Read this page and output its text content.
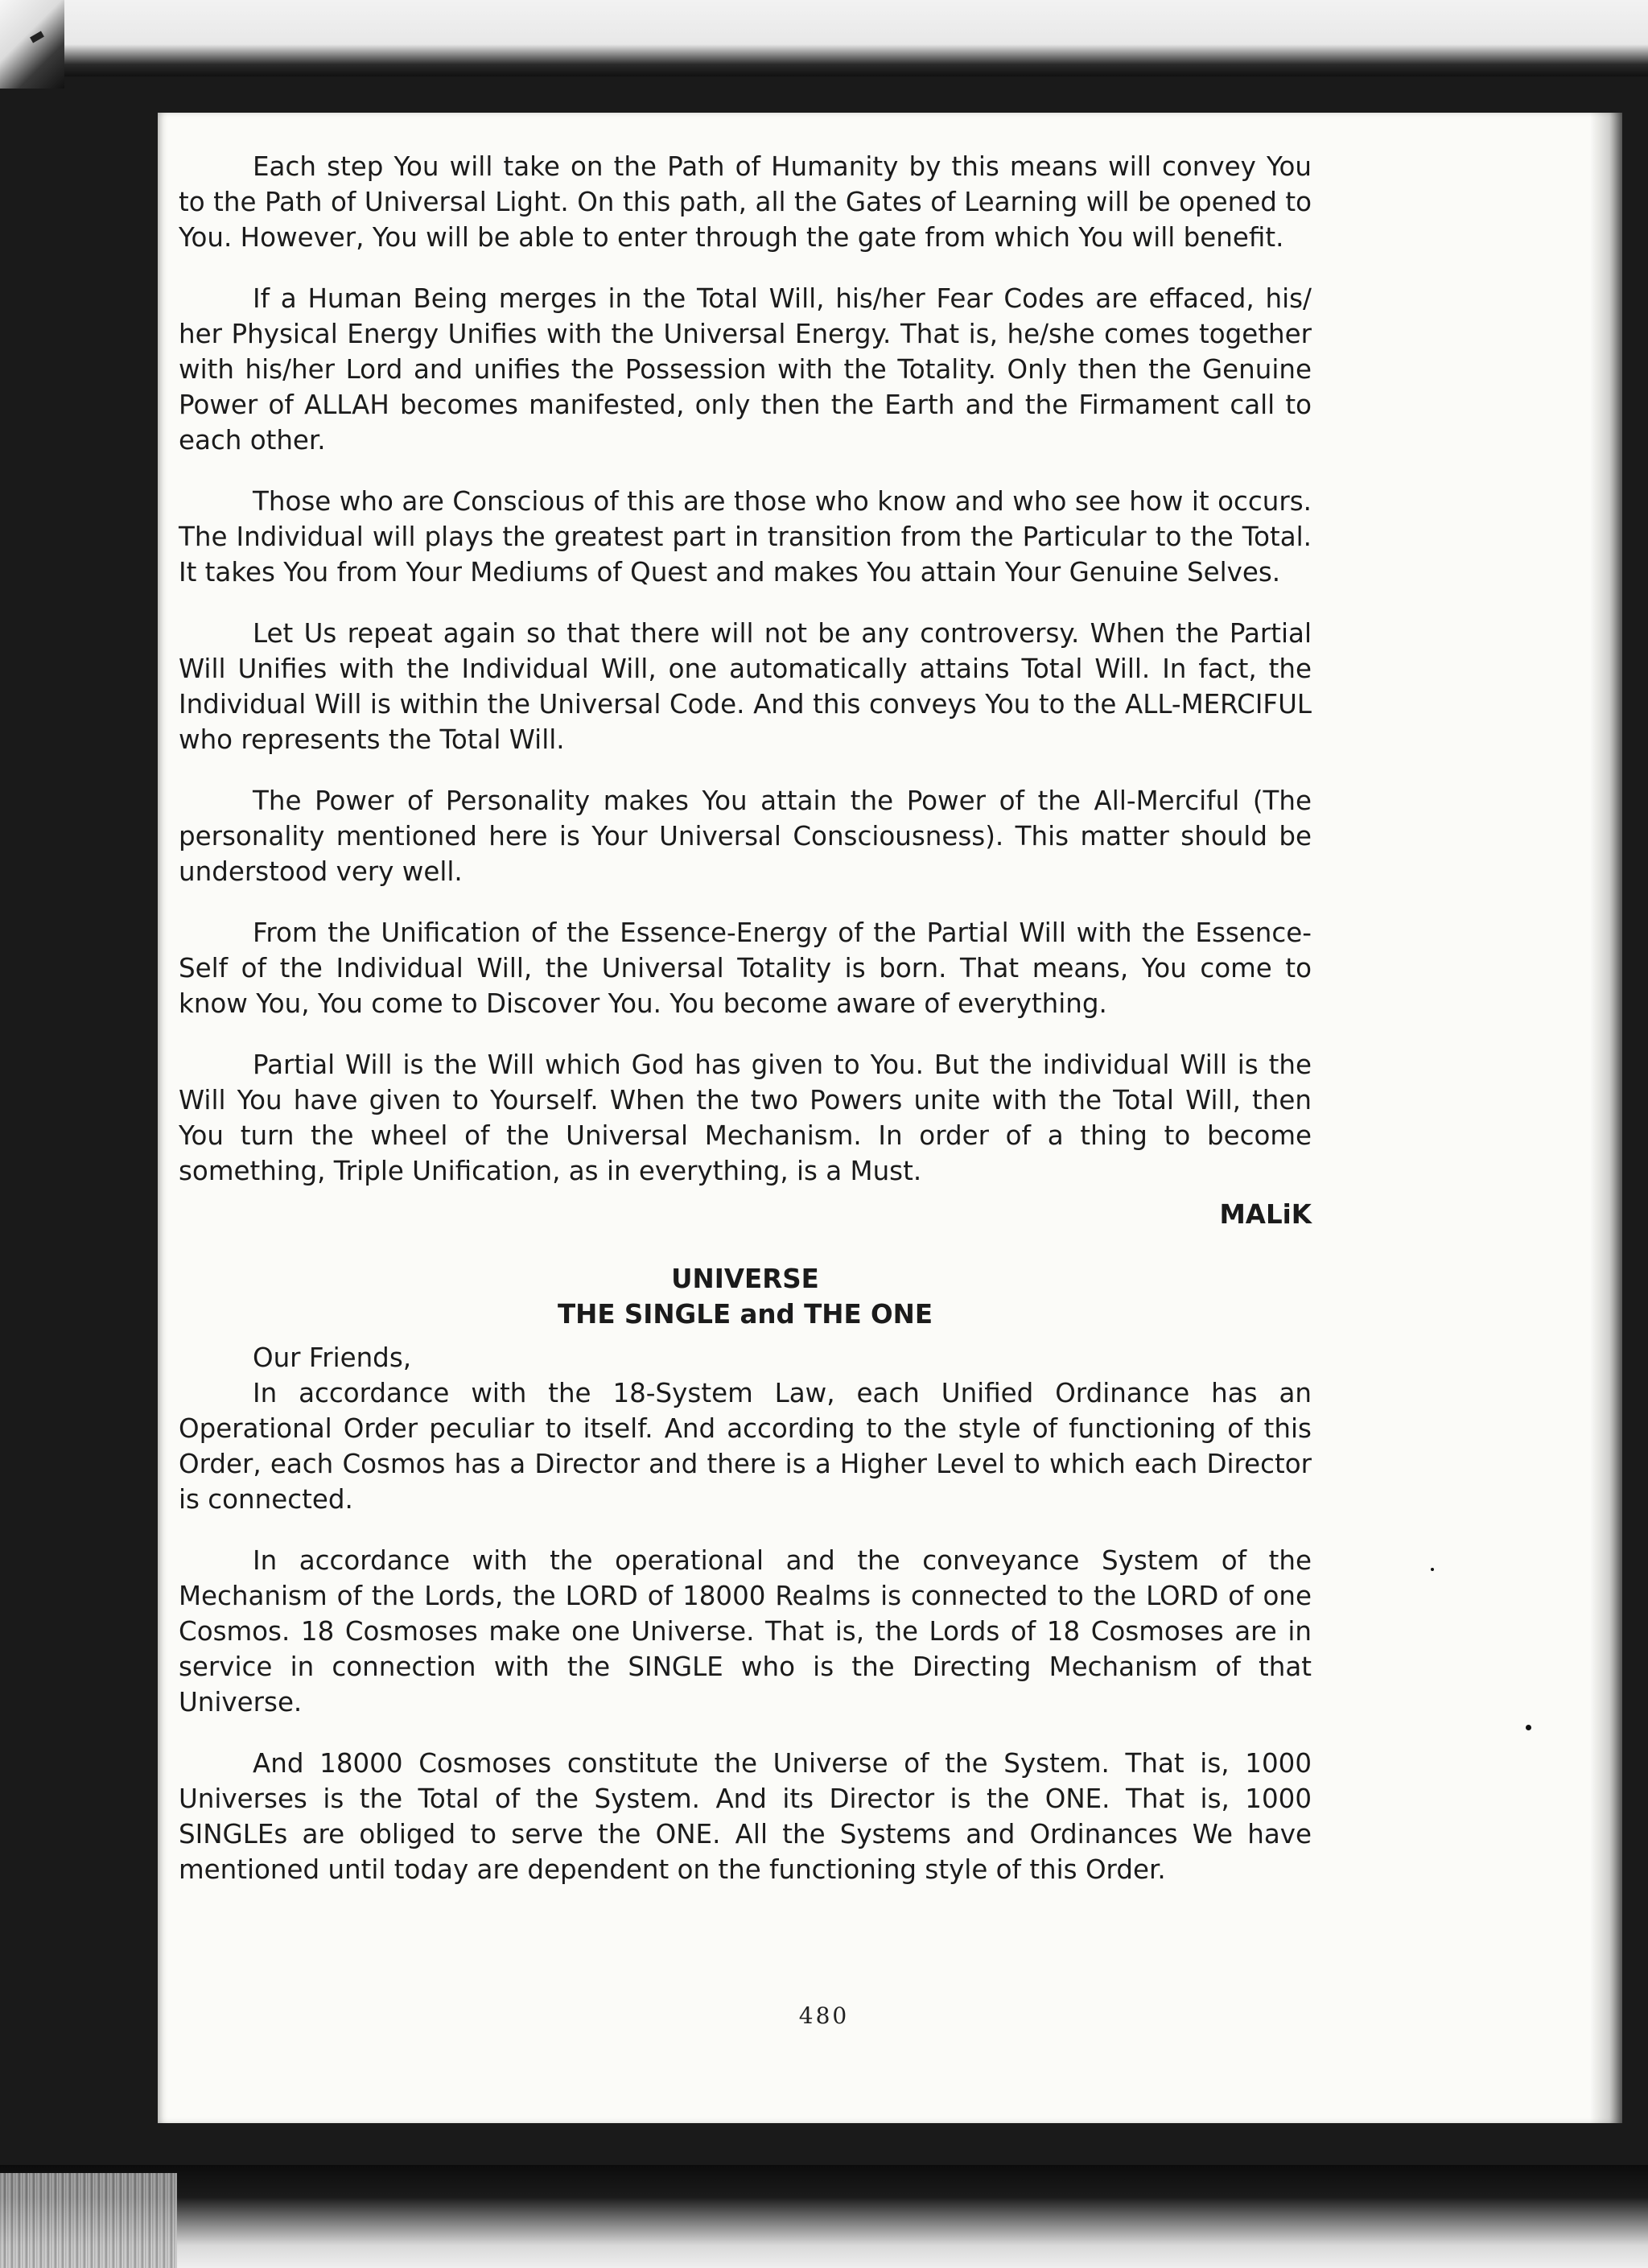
Each step You will take on the Path of Humanity by this means will convey You to the Path of Universal Light. On this path, all the Gates of Learning will be opened to You. However, You will be able to enter through the gate from which You will benefit.

If a Human Being merges in the Total Will, his/her Fear Codes are effaced, his/ her Physical Energy Unifies with the Universal Energy. That is, he/she comes together with his/her Lord and unifies the Possession with the Totality. Only then the Genuine Power of ALLAH becomes manifested, only then the Earth and the Firmament call to each other.

Those who are Conscious of this are those who know and who see how it occurs. The Individual will plays the greatest part in transition from the Particular to the Total. It takes You from Your Mediums of Quest and makes You attain Your Genuine Selves.

Let Us repeat again so that there will not be any controversy. When the Partial Will Unifies with the Individual Will, one automatically attains Total Will. In fact, the Individual Will is within the Universal Code. And this conveys You to the ALL-MERCIFUL who represents the Total Will.

The Power of Personality makes You attain the Power of the All-Merciful (The personality mentioned here is Your Universal Consciousness). This matter should be understood very well.

From the Unification of the Essence-Energy of the Partial Will with the Essence-Self of the Individual Will, the Universal Totality is born. That means, You come to know You, You come to Discover You. You become aware of everything.

Partial Will is the Will which God has given to You. But the individual Will is the Will You have given to Yourself. When the two Powers unite with the Total Will, then You turn the wheel of the Universal Mechanism. In order of a thing to become something, Triple Unification, as in everything, is a Must.

MALiK
UNIVERSE
THE SINGLE and THE ONE

Our Friends,

In accordance with the 18-System Law, each Unified Ordinance has an Operational Order peculiar to itself. And according to the style of functioning of this Order, each Cosmos has a Director and there is a Higher Level to which each Director is connected.

In accordance with the operational and the conveyance System of the Mechanism of the Lords, the LORD of 18000 Realms is connected to the LORD of one Cosmos. 18 Cosmoses make one Universe. That is, the Lords of 18 Cosmoses are in service in connection with the SINGLE who is the Directing Mechanism of that Universe.

And 18000 Cosmoses constitute the Universe of the System. That is, 1000 Universes is the Total of the System. And its Director is the ONE. That is, 1000 SINGLEs are obliged to serve the ONE. All the Systems and Ordinances We have mentioned until today are dependent on the functioning style of this Order.

480
